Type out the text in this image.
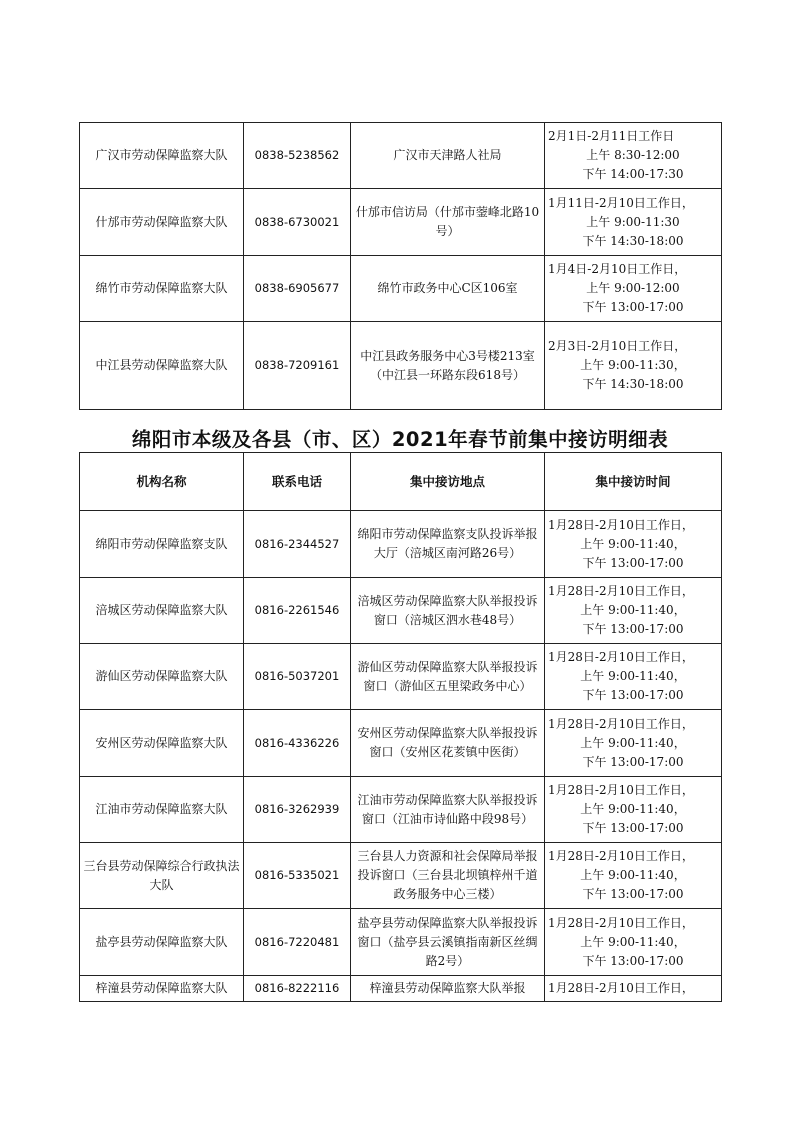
广汉市劳动保障监察大队	0838-5238562	广汉市天津路人社局	2月1日-2月11日工作日
上午 8:30-12:00
下午 14:00-17:30

什邡市劳动保障监察大队	0838-6730021	什邡市信访局（什邡市蓥峰北路10号）	1月11日-2月10日工作日，
上午 9:00-11:30
下午 14:30-18:00

绵竹市劳动保障监察大队	0838-6905677	绵竹市政务中心C区106室	1月4日-2月10日工作日，
上午 9:00-12:00
下午 13:00-17:00

中江县劳动保障监察大队	0838-7209161	中江县政务服务中心3号楼213室（中江县一环路东段618号）	2月3日-2月10日工作日，
上午 9:00-11:30，
下午 14:30-18:00
绵阳市本级及各县（市、区）2021年春节前集中接访明细表
机构名称	联系电话	集中接访地点	集中接访时间
绵阳市劳动保障监察支队	0816-2344527	绵阳市劳动保障监察支队投诉举报大厅（涪城区南河路26号）	1月28日-2月10日工作日，
上午 9:00-11:40，
下午 13:00-17:00

涪城区劳动保障监察大队	0816-2261546	涪城区劳动保障监察大队举报投诉窗口（涪城区泗水巷48号）	1月28日-2月10日工作日，
上午 9:00-11:40，
下午 13:00-17:00

游仙区劳动保障监察大队	0816-5037201	游仙区劳动保障监察大队举报投诉窗口（游仙区五里梁政务中心）	1月28日-2月10日工作日，
上午 9:00-11:40，
下午 13:00-17:00

安州区劳动保障监察大队	0816-4336226	安州区劳动保障监察大队举报投诉窗口（安州区花荄镇中医街）	1月28日-2月10日工作日，
上午 9:00-11:40，
下午 13:00-17:00

江油市劳动保障监察大队	0816-3262939	江油市劳动保障监察大队举报投诉窗口（江油市诗仙路中段98号）	1月28日-2月10日工作日，
上午 9:00-11:40，
下午 13:00-17:00

三台县劳动保障综合行政执法大队	0816-5335021	三台县人力资源和社会保障局举报投诉窗口（三台县北坝镇梓州千道政务服务中心三楼）	1月28日-2月10日工作日，
上午 9:00-11:40，
下午 13:00-17:00

盐亭县劳动保障监察大队	0816-7220481	盐亭县劳动保障监察大队举报投诉窗口（盐亭县云溪镇指南新区丝绸路2号）	1月28日-2月10日工作日，
上午 9:00-11:40，
下午 13:00-17:00

梓潼县劳动保障监察大队	0816-8222116	梓潼县劳动保障监察大队举报	1月28日-2月10日工作日，
